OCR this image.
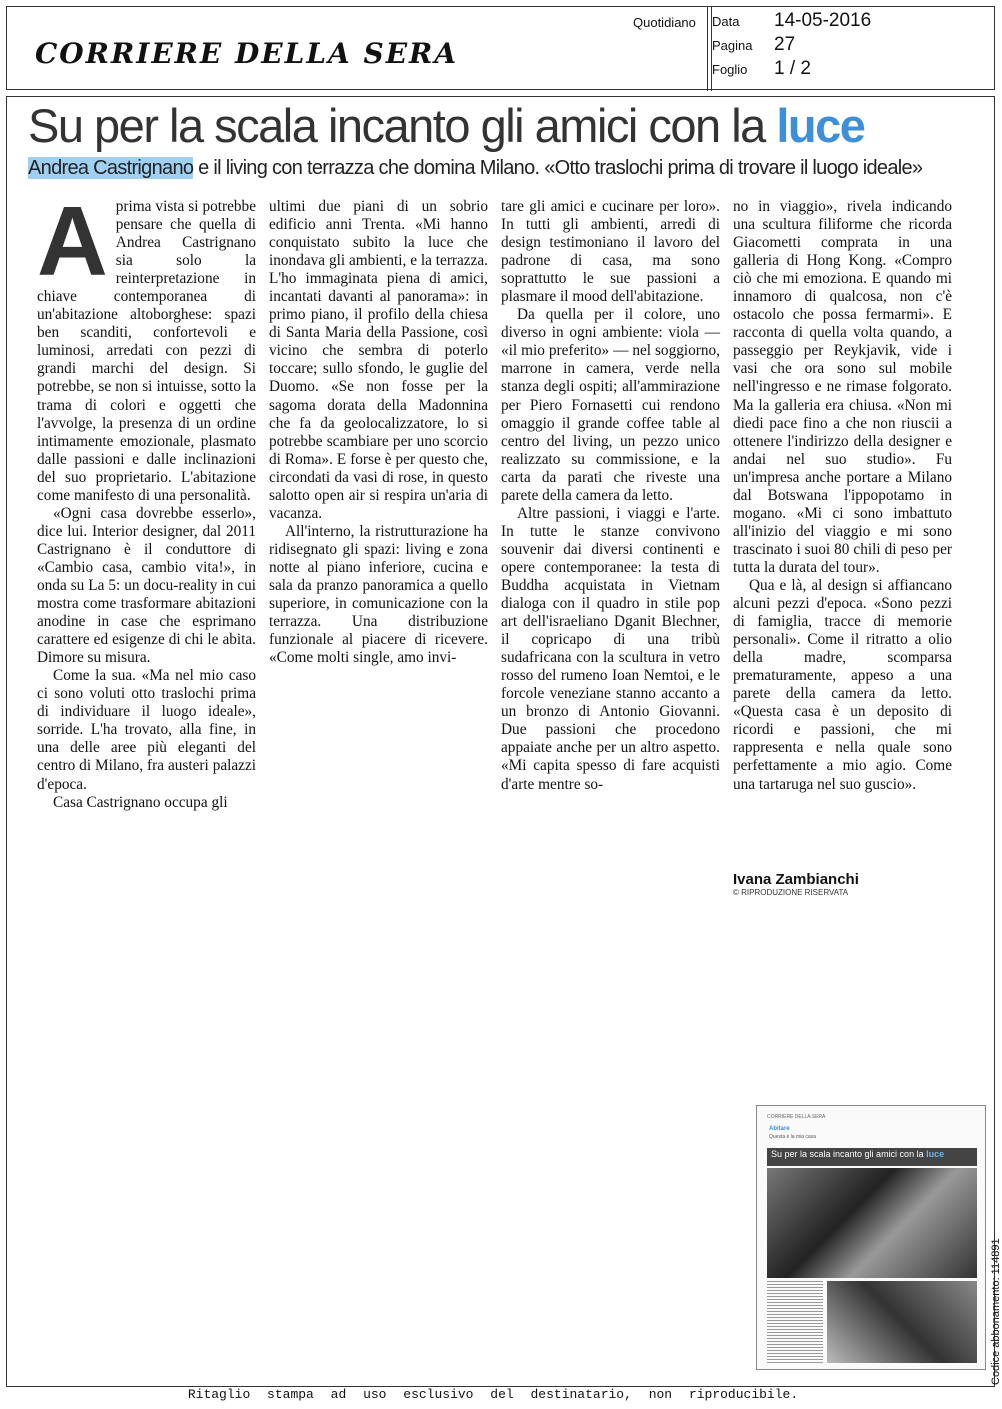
CORRIERE DELLA SERA
Quotidiano Data 14-05-2016
Pagina 27
Foglio 1 / 2
Su per la scala incanto gli amici con la luce
Andrea Castrignano e il living con terrazza che domina Milano. «Otto traslochi prima di trovare il luogo ideale»
A prima vista si potrebbe pensare che quella di Andrea Castrignano sia solo la reinterpretazione in chiave contemporanea di un'abitazione altoborghese: spazi ben scanditi, confortevoli e luminosi, arredati con pezzi di grandi marchi del design. Si potrebbe, se non si intuisse, sotto la trama di colori e oggetti che l'avvolge, la presenza di un ordine intimamente emozionale, plasmato dalle passioni e dalle inclinazioni del suo proprietario. L'abitazione come manifesto di una personalità.

«Ogni casa dovrebbe esserlo», dice lui. Interior designer, dal 2011 Castrignano è il conduttore di «Cambio casa, cambio vita!», in onda su La 5: un docu-reality in cui mostra come trasformare abitazioni anodine in case che esprimano carattere ed esigenze di chi le abita. Dimore su misura.

Come la sua. «Ma nel mio caso ci sono voluti otto traslochi prima di individuare il luogo ideale», sorride. L'ha trovato, alla fine, in una delle aree più eleganti del centro di Milano, fra austeri palazzi d'epoca.

Casa Castrignano occupa gli

ultimi due piani di un sobrio edificio anni Trenta. «Mi hanno conquistato subito la luce che inondava gli ambienti, e la terrazza. L'ho immaginata piena di amici, incantati davanti al panorama»: in primo piano, il profilo della chiesa di Santa Maria della Passione, così vicino che sembra di poterlo toccare; sullo sfondo, le guglie del Duomo. «Se non fosse per la sagoma dorata della Madonnina che fa da geolocalizzatore, lo si potrebbe scambiare per uno scorcio di Roma». E forse è per questo che, circondati da vasi di rose, in questo salotto open air si respira un'aria di vacanza.

All'interno, la ristrutturazione ha ridisegnato gli spazi: living e zona notte al piano inferiore, cucina e sala da pranzo panoramica a quello superiore, in comunicazione con la terrazza. Una distribuzione funzionale al piacere di ricevere. «Come molti single, amo invi-

tare gli amici e cucinare per loro». In tutti gli ambienti, arredi di design testimoniano il lavoro del padrone di casa, ma sono soprattutto le sue passioni a plasmare il mood dell'abitazione.

Da quella per il colore, uno diverso in ogni ambiente: viola — «il mio preferito» — nel soggiorno, marrone in camera, verde nella stanza degli ospiti; all'ammirazione per Piero Fornasetti cui rendono omaggio il grande coffee table al centro del living, un pezzo unico realizzato su commissione, e la carta da parati che riveste una parete della camera da letto.

Altre passioni, i viaggi e l'arte. In tutte le stanze convivono souvenir dai diversi continenti e opere contemporanee: la testa di Buddha acquistata in Vietnam dialoga con il quadro in stile pop art dell'israeliano Dganit Blechner, il copricapo di una tribù sudafricana con la scultura in vetro rosso del rumeno Ioan Nemtoi, e le forcole veneziane stanno accanto a un bronzo di Antonio Giovanni. Due passioni che procedono appaiate anche per un altro aspetto. «Mi capita spesso di fare acquisti d'arte mentre so-

no in viaggio», rivela indicando una scultura filiforme che ricorda Giacometti comprata in una galleria di Hong Kong. «Compro ciò che mi emoziona. E quando mi innamoro di qualcosa, non c'è ostacolo che possa fermarmi». E racconta di quella volta quando, a passeggio per Reykjavik, vide i vasi che ora sono sul mobile nell'ingresso e ne rimase folgorato. Ma la galleria era chiusa. «Non mi diedi pace fino a che non riuscii a ottenere l'indirizzo della designer e andai nel suo studio». Fu un'impresa anche portare a Milano dal Botswana l'ippopotamo in mogano. «Mi ci sono imbattuto all'inizio del viaggio e mi sono trascinato i suoi 80 chili di peso per tutta la durata del tour».

Qua e là, al design si affiancano alcuni pezzi d'epoca. «Sono pezzi di famiglia, tracce di memorie personali». Come il ritratto a olio della madre, scomparsa prematuramente, appeso a una parete della camera da letto. «Questa casa è un deposito di ricordi e passioni, che mi rappresenta e nella quale sono perfettamente a mio agio. Come una tartaruga nel suo guscio».

Ivana Zambianchi
© RIPRODUZIONE RISERVATA
CORRIERE DELLA SERA
Abitare
Questa è la mia casa
Su per la scala incanto gli amici con la luce
Codice abbonamento: 114891
Ritaglio stampa ad uso esclusivo del destinatario, non riproducibile.
